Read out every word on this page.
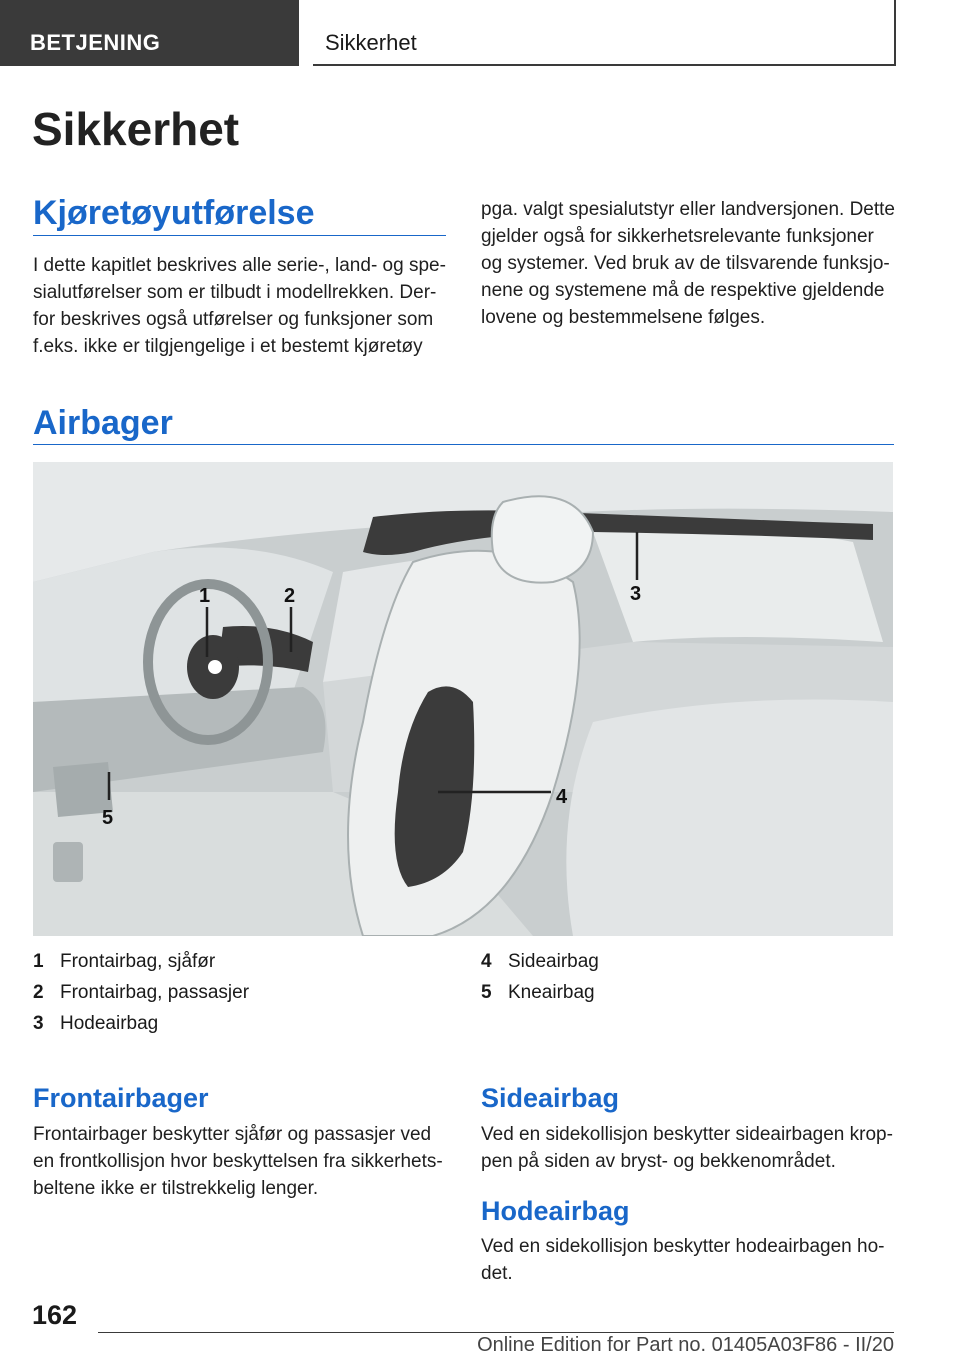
BETJENING	Sikkerhet
Sikkerhet
Kjøretøyutførelse
I dette kapitlet beskrives alle serie-, land- og spe-
sialutførelser som er tilbudt i modellrekken. Der-
for beskrives også utførelser og funksjoner som
f.eks. ikke er tilgjengelige i et bestemt kjøretøy
pga. valgt spesialutstyr eller landversjonen. Dette
gjelder også for sikkerhetsrelevante funksjoner
og systemer. Ved bruk av de tilsvarende funksjo-
nene og systemene må de respektive gjeldende
lovene og bestemmelsene følges.
Airbager
1	2	3
4
5
1 Frontairbag, sjåfør
2 Frontairbag, passasjer
3 Hodeairbag
4 Sideairbag
5 Kneairbag
Frontairbager
Frontairbager beskytter sjåfør og passasjer ved
en frontkollisjon hvor beskyttelsen fra sikkerhets-
beltene ikke er tilstrekkelig lenger.
Sideairbag
Ved en sidekollisjon beskytter sideairbagen krop-
pen på siden av bryst- og bekkenområdet.
Hodeairbag
Ved en sidekollisjon beskytter hodeairbagen ho-
det.
162
Online Edition for Part no. 01405A03F86 - II/20
